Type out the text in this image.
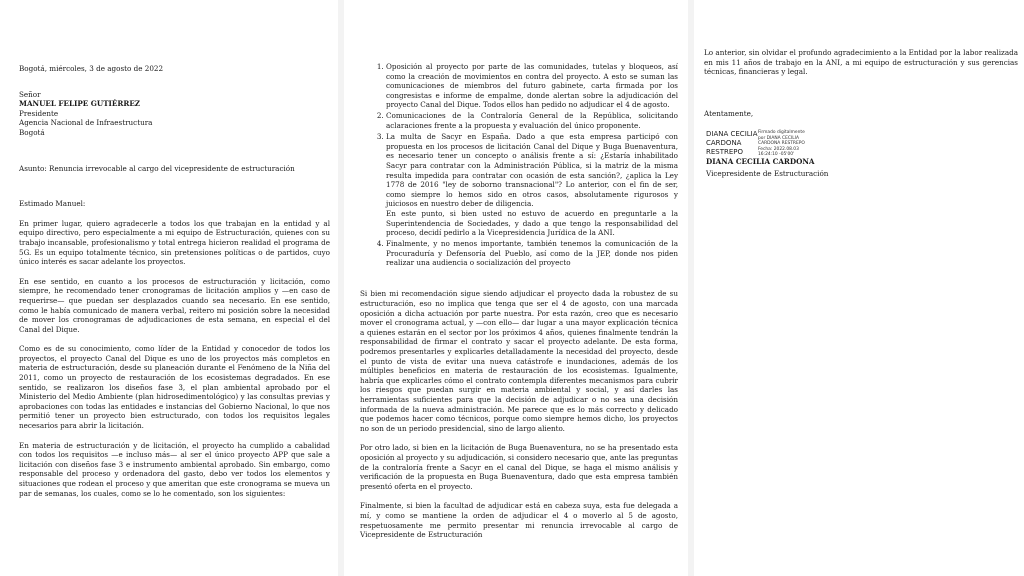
Bogotá, miércoles, 3 de agosto de 2022

Señor

MANUEL FELIPE GUTIÉRREZ

Presidente

Agencia Nacional de Infraestructura

Bogotá

Asunto: Renuncia irrevocable al cargo del vicepresidente de estructuración

Estimado Manuel:

En primer lugar, quiero agradecerle a todos los que trabajan en la entidad y al equipo directivo, pero especialmente a mi equipo de Estructuración, quienes con su trabajo incansable, profesionalismo y total entrega hicieron realidad el programa de 5G. Es un equipo totalmente técnico, sin pretensiones políticas o de partidos, cuyo único interés es sacar adelante los proyectos.

En ese sentido, en cuanto a los procesos de estructuración y licitación, como siempre, he recomendado tener cronogramas de licitación amplios y —en caso de requerirse— que puedan ser desplazados cuando sea necesario. En ese sentido, como le había comunicado de manera verbal, reitero mi posición sobre la necesidad de mover los cronogramas de adjudicaciones de esta semana, en especial el del Canal del Dique.

Como es de su conocimiento, como líder de la Entidad y conocedor de todos los proyectos, el proyecto Canal del Dique es uno de los proyectos más completos en materia de estructuración, desde su planeación durante el Fenómeno de la Niña del 2011, como un proyecto de restauración de los ecosistemas degradados. En ese sentido, se realizaron los diseños fase 3, el plan ambiental aprobado por el Ministerio del Medio Ambiente (plan hidrosedimentológico) y las consultas previas y aprobaciones con todas las entidades e instancias del Gobierno Nacional, lo que nos permitió tener un proyecto bien estructurado, con todos los requisitos legales necesarios para abrir la licitación.

En materia de estructuración y de licitación, el proyecto ha cumplido a cabalidad con todos los requisitos —e incluso más— al ser el único proyecto APP que sale a licitación con diseños fase 3 e instrumento ambiental aprobado. Sin embargo, como responsable del proceso y ordenadora del gasto, debo ver todos los elementos y situaciones que rodean el proceso y que ameritan que este cronograma se mueva un par de semanas, los cuales, como se lo he comentado, son los siguientes:

1. Oposición al proyecto por parte de las comunidades, tutelas y bloqueos, así como la creación de movimientos en contra del proyecto. A esto se suman las comunicaciones de miembros del futuro gabinete, carta firmada por los congresistas e informe de empalme, donde alertan sobre la adjudicación del proyecto Canal del Dique. Todos ellos han pedido no adjudicar el 4 de agosto.
2. Comunicaciones de la Contraloría General de la República, solicitando aclaraciones frente a la propuesta y evaluación del único proponente.
3. La multa de Sacyr en España. Dado a que esta empresa participó con propuesta en los procesos de licitación Canal del Dique y Buga Buenaventura, es necesario tener un concepto o análisis frente a sí: ¿Estaría inhabilitado Sacyr para contratar con la Administración Pública, si la matriz de la misma resulta impedida para contratar con ocasión de esta sanción?, ¿aplica la Ley 1778 de 2016 "ley de soborno transnacional"? Lo anterior, con el fin de ser, como siempre lo hemos sido en otros casos, absolutamente rigurosos y juiciosos en nuestro deber de diligencia.
En este punto, si bien usted no estuvo de acuerdo en preguntarle a la Superintendencia de Sociedades, y dado a que tengo la responsabilidad del proceso, decidí pedirlo a la Vicepresidencia Jurídica de la ANI.
4. Finalmente, y no menos importante, también tenemos la comunicación de la Procuraduría y Defensoría del Pueblo, así como de la JEP, donde nos piden realizar una audiencia o socialización del proyecto

Si bien mi recomendación sigue siendo adjudicar el proyecto dada la robustez de su estructuración, eso no implica que tenga que ser el 4 de agosto, con una marcada oposición a dicha actuación por parte nuestra. Por esta razón, creo que es necesario mover el cronograma actual, y —con ello— dar lugar a una mayor explicación técnica a quienes estarán en el sector por los próximos 4 años, quienes finalmente tendrán la responsabilidad de firmar el contrato y sacar el proyecto adelante. De esta forma, podremos presentarles y explicarles detalladamente la necesidad del proyecto, desde el punto de vista de evitar una nueva catástrofe e inundaciones, además de los múltiples beneficios en materia de restauración de los ecosistemas. Igualmente, habría que explicarles cómo el contrato contempla diferentes mecanismos para cubrir los riesgos que puedan surgir en materia ambiental y social, y así darles las herramientas suficientes para que la decisión de adjudicar o no sea una decisión informada de la nueva administración. Me parece que es lo más correcto y delicado que podemos hacer como técnicos, porque como siempre hemos dicho, los proyectos no son de un periodo presidencial, sino de largo aliento.

Por otro lado, si bien en la licitación de Buga Buenaventura, no se ha presentado esta oposición al proyecto y su adjudicación, si considero necesario que, ante las preguntas de la contraloría frente a Sacyr en el canal del Dique, se haga el mismo análisis y verificación de la propuesta en Buga Buenaventura, dado que esta empresa también presentó oferta en el proyecto.

Finalmente, si bien la facultad de adjudicar está en cabeza suya, esta fue delegada a mí, y como se mantiene la orden de adjudicar el 4 o moverlo al 5 de agosto, respetuosamente me permito presentar mi renuncia irrevocable al cargo de Vicepresidente de Estructuración

Lo anterior, sin olvidar el profundo agradecimiento a la Entidad por la labor realizada en mis 11 años de trabajo en la ANI, a mi equipo de estructuración y sus gerencias técnicas, financieras y legal.

Atentamente,

DIANA CECILIA
CARDONA
RESTREPO
Firmado digitalmente
por DIANA CECILIA
CARDONA RESTREPO
Fecha: 2022.08.03
16:24:10 -05'00'

DIANA CECILIA CARDONA

Vicepresidente de Estructuración
